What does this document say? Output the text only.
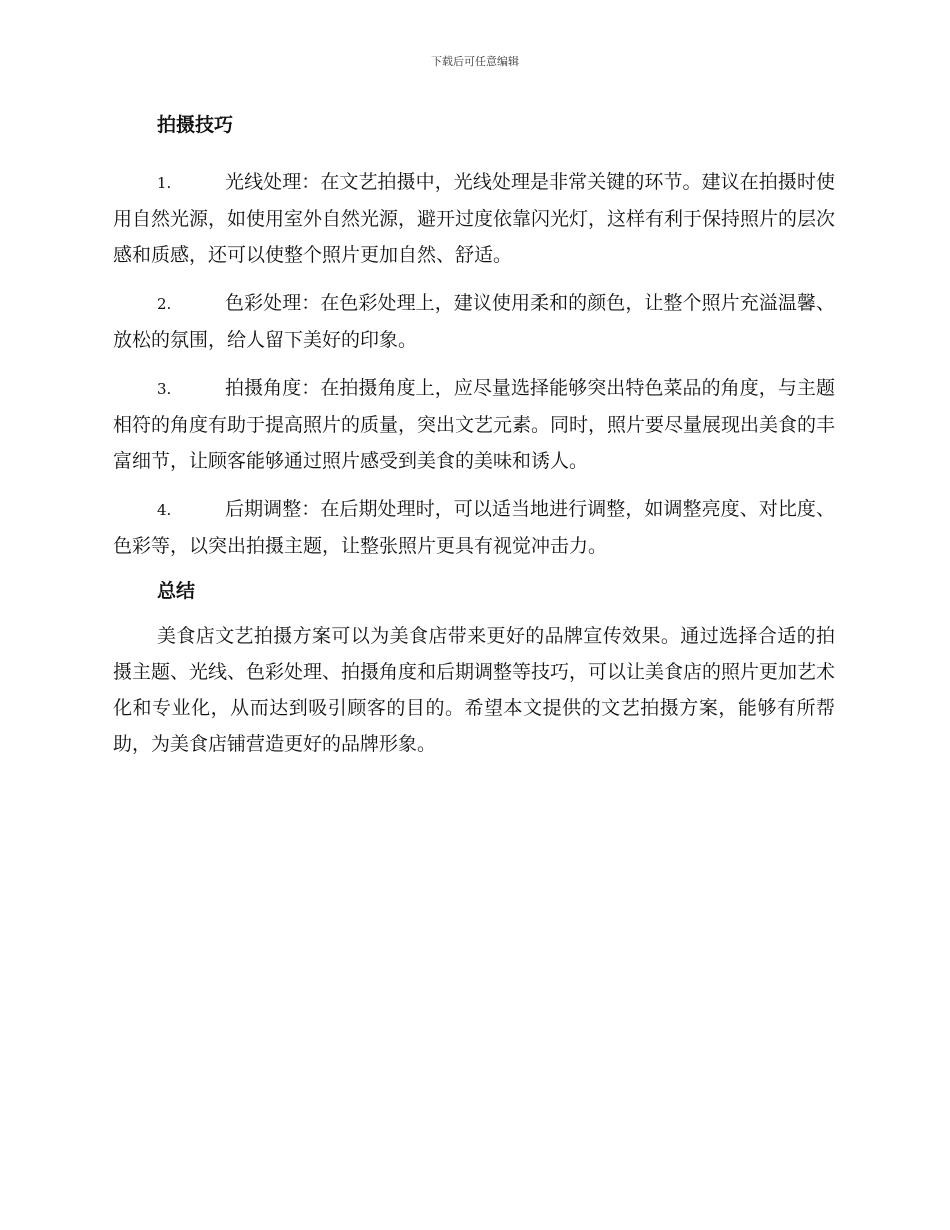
下载后可任意编辑
拍摄技巧

1.	光线处理：在文艺拍摄中，光线处理是非常关键的环节。建议在拍摄时使用自然光源，如使用室外自然光源，避开过度依靠闪光灯，这样有利于保持照片的层次感和质感，还可以使整个照片更加自然、舒适。

2.	色彩处理：在色彩处理上，建议使用柔和的颜色，让整个照片充溢温馨、放松的氛围，给人留下美好的印象。

3.	拍摄角度：在拍摄角度上，应尽量选择能够突出特色菜品的角度，与主题相符的角度有助于提高照片的质量，突出文艺元素。同时，照片要尽量展现出美食的丰富细节，让顾客能够通过照片感受到美食的美味和诱人。

4.	后期调整：在后期处理时，可以适当地进行调整，如调整亮度、对比度、色彩等，以突出拍摄主题，让整张照片更具有视觉冲击力。

总结

美食店文艺拍摄方案可以为美食店带来更好的品牌宣传效果。通过选择合适的拍摄主题、光线、色彩处理、拍摄角度和后期调整等技巧，可以让美食店的照片更加艺术化和专业化，从而达到吸引顾客的目的。希望本文提供的文艺拍摄方案，能够有所帮助，为美食店铺营造更好的品牌形象。
